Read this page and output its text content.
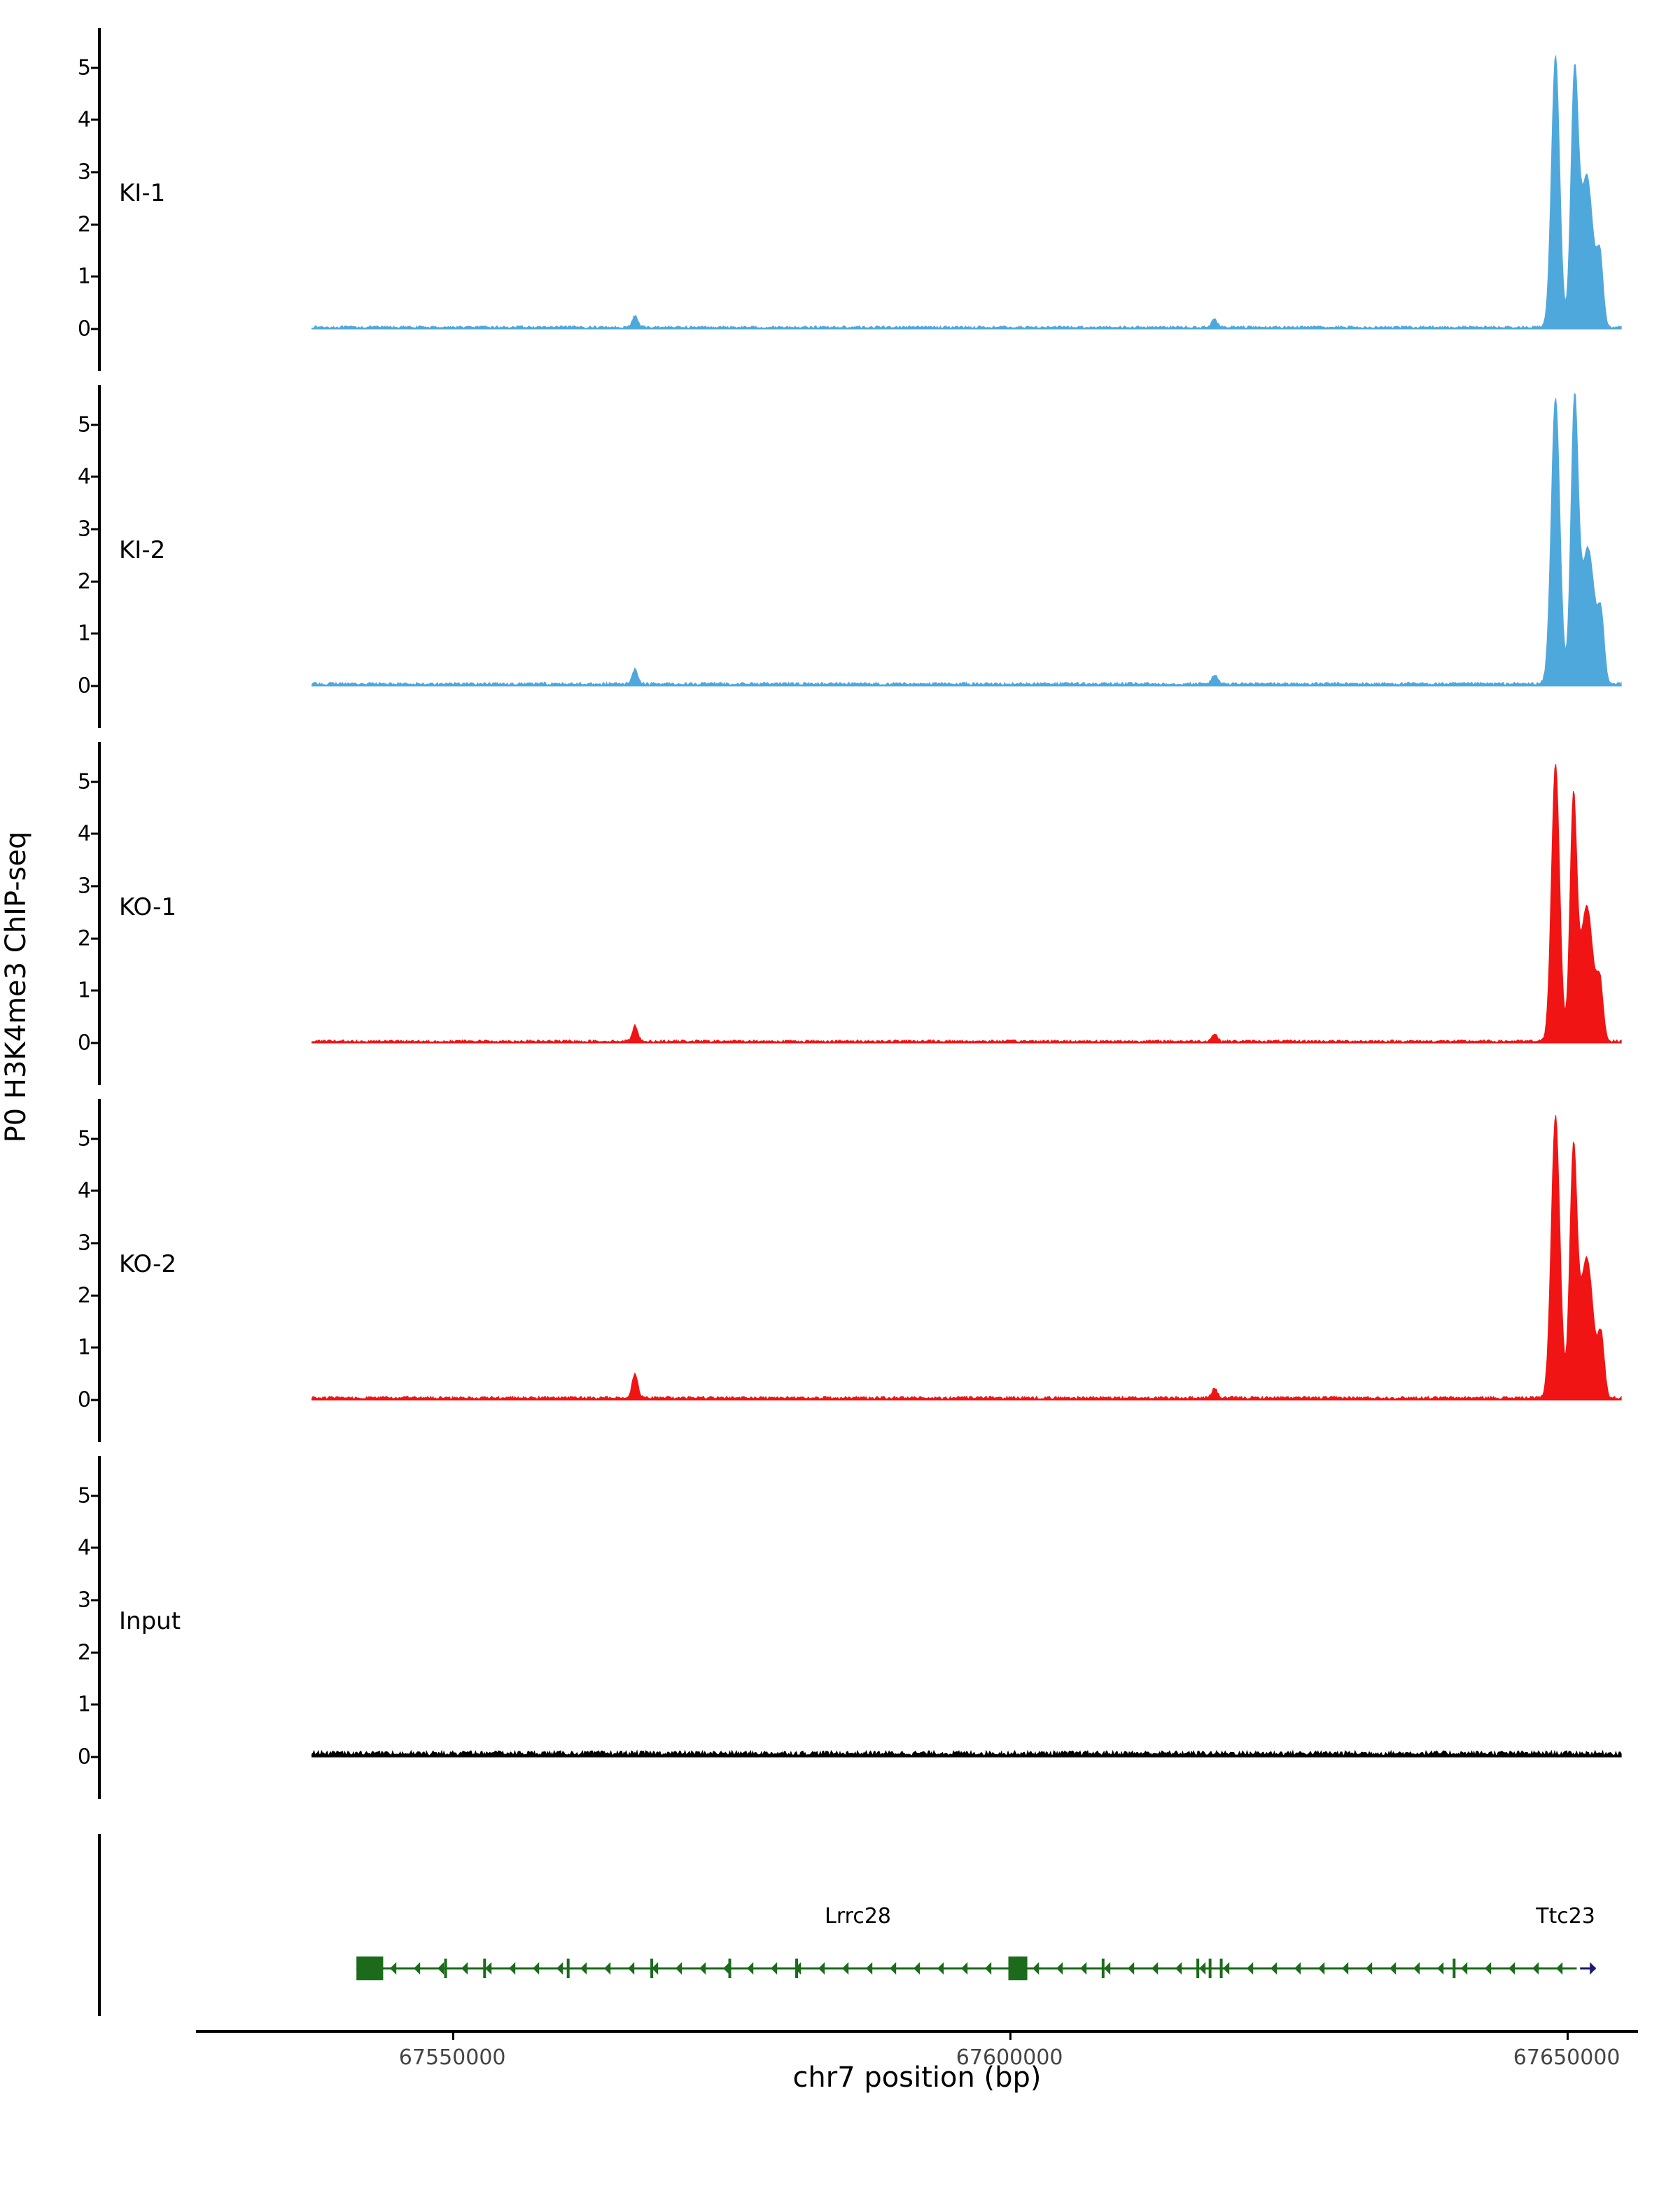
P0 H3K4me3 ChIP-seq
0
1
2
3
4
5
KI-1
0
1
2
3
4
5
KI-2
0
1
2
3
4
5
KO-1
0
1
2
3
4
5
KO-2
0
1
2
3
4
5
Input
Lrrc28	Ttc23
67550000	67600000	67650000
chr7 position (bp)
